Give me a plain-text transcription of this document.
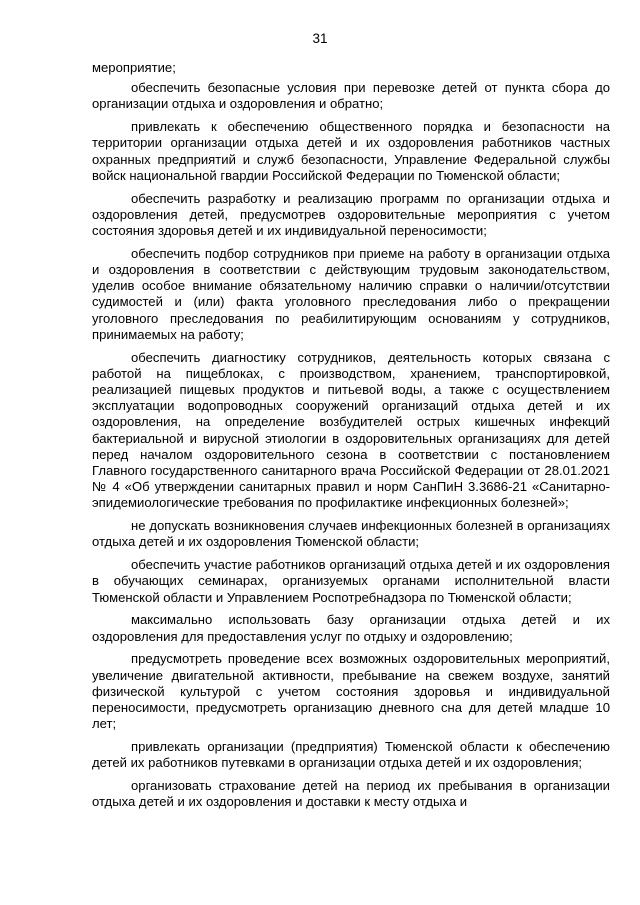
31

мероприятие;

обеспечить безопасные условия при перевозке детей от пункта сбора до организации отдыха и оздоровления и обратно;

привлекать к обеспечению общественного порядка и безопасности на территории организации отдыха детей и их оздоровления работников частных охранных предприятий и служб безопасности, Управление Федеральной службы войск национальной гвардии Российской Федерации по Тюменской области;

обеспечить разработку и реализацию программ по организации отдыха и оздоровления детей, предусмотрев оздоровительные мероприятия с учетом состояния здоровья детей и их индивидуальной переносимости;

обеспечить подбор сотрудников при приеме на работу в организации отдыха и оздоровления в соответствии с действующим трудовым законодательством, уделив особое внимание обязательному наличию справки о наличии/отсутствии судимостей и (или) факта уголовного преследования либо о прекращении уголовного преследования по реабилитирующим основаниям у сотрудников, принимаемых на работу;

обеспечить диагностику сотрудников, деятельность которых связана с работой на пищеблоках, с производством, хранением, транспортировкой, реализацией пищевых продуктов и питьевой воды, а также с осуществлением эксплуатации водопроводных сооружений организаций отдыха детей и их оздоровления, на определение возбудителей острых кишечных инфекций бактериальной и вирусной этиологии в оздоровительных организациях для детей перед началом оздоровительного сезона в соответствии с постановлением Главного государственного санитарного врача Российской Федерации от 28.01.2021 № 4 «Об утверждении санитарных правил и норм СанПиН 3.3686-21 «Санитарно-эпидемиологические требования по профилактике инфекционных болезней»;

не допускать возникновения случаев инфекционных болезней в организациях отдыха детей и их оздоровления Тюменской области;

обеспечить участие работников организаций отдыха детей и их оздоровления в обучающих семинарах, организуемых органами исполнительной власти Тюменской области и Управлением Роспотребнадзора по Тюменской области;

максимально использовать базу организации отдыха детей и их оздоровления для предоставления услуг по отдыху и оздоровлению;

предусмотреть проведение всех возможных оздоровительных мероприятий, увеличение двигательной активности, пребывание на свежем воздухе, занятий физической культурой с учетом состояния здоровья и индивидуальной переносимости, предусмотреть организацию дневного сна для детей младше 10 лет;

привлекать организации (предприятия) Тюменской области к обеспечению детей их работников путевками в организации отдыха детей и их оздоровления;

организовать страхование детей на период их пребывания в организации отдыха детей и их оздоровления и доставки к месту отдыха и
